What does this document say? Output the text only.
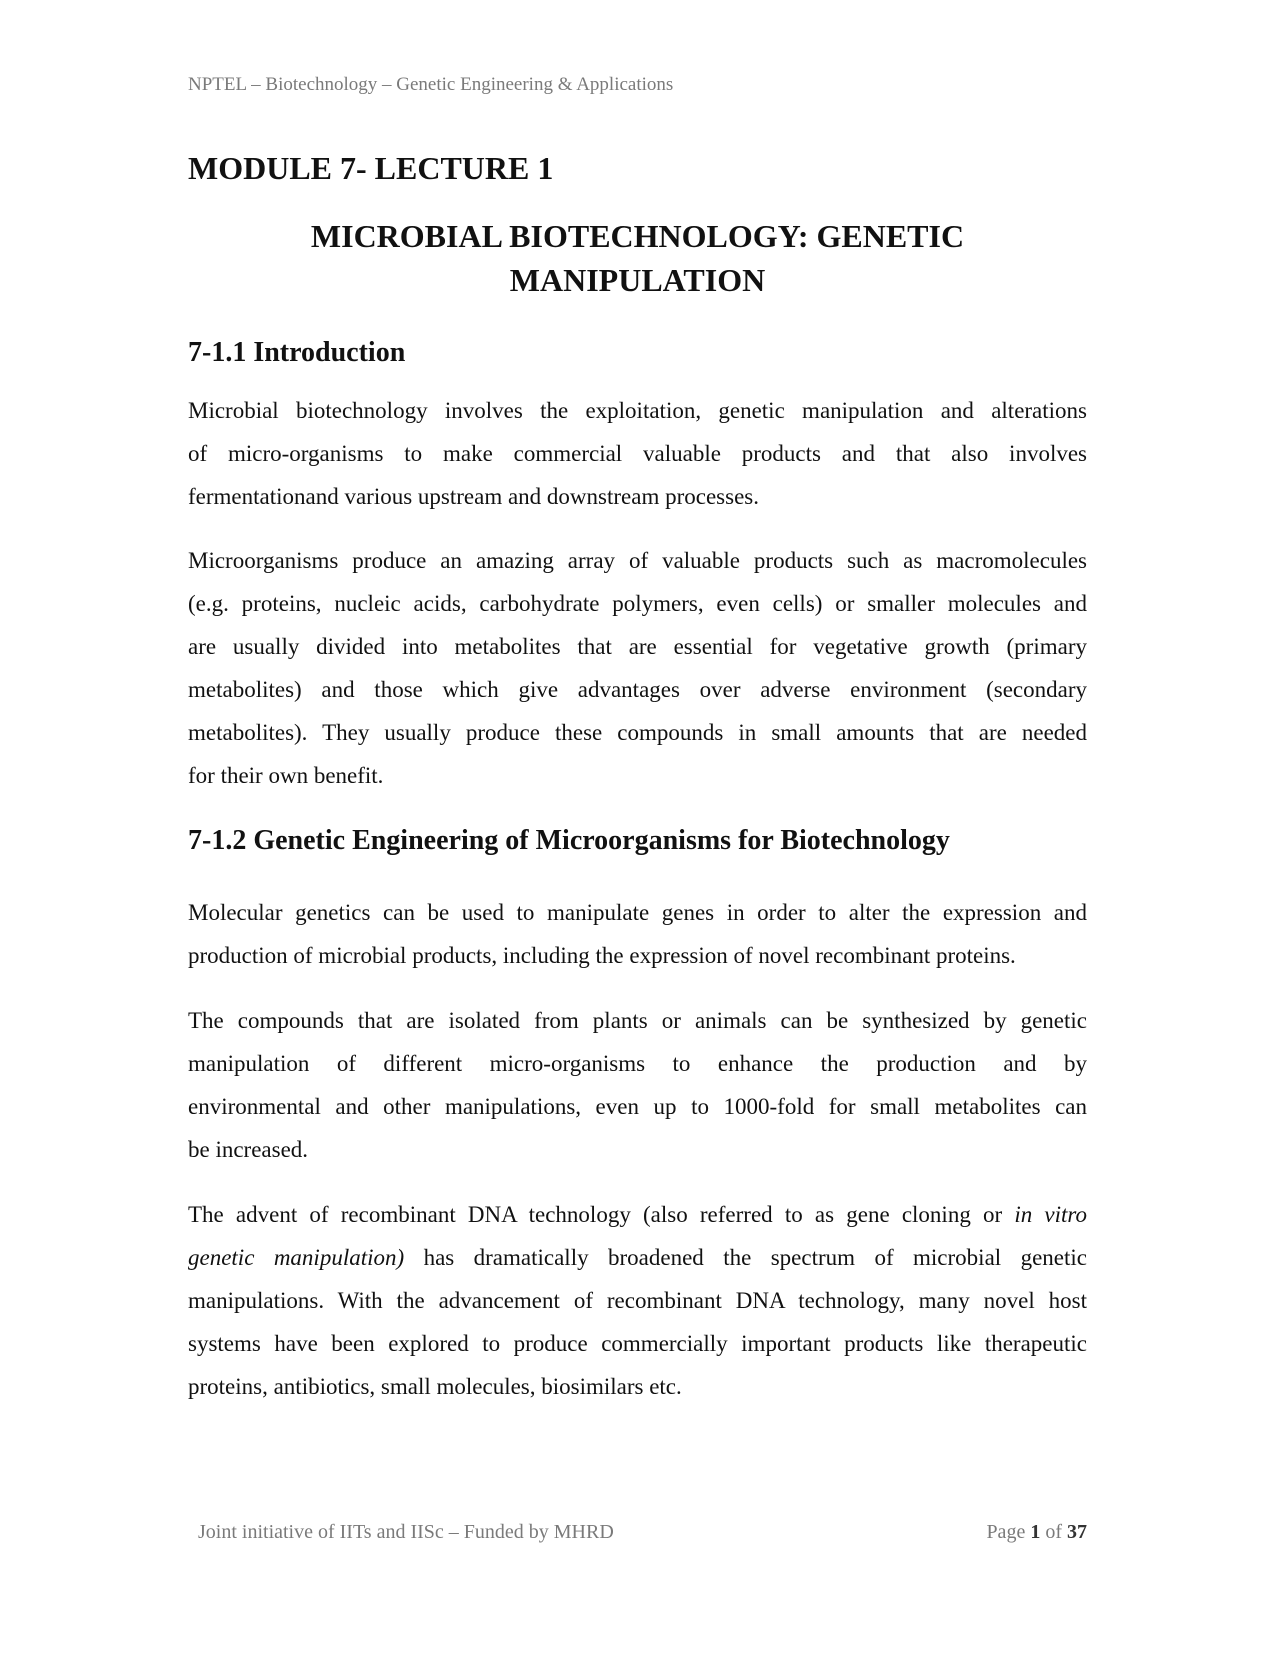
NPTEL – Biotechnology – Genetic Engineering & Applications
MODULE 7- LECTURE 1
MICROBIAL BIOTECHNOLOGY: GENETIC
MANIPULATION
7-1.1 Introduction

Microbial biotechnology involves the exploitation, genetic manipulation and alterations
of micro-organisms to make commercial valuable products and that also involves
fermentationand various upstream and downstream processes.

Microorganisms produce an amazing array of valuable products such as macromolecules
(e.g. proteins, nucleic acids, carbohydrate polymers, even cells) or smaller molecules and
are usually divided into metabolites that are essential for vegetative growth (primary
metabolites) and those which give advantages over adverse environment (secondary
metabolites). They usually produce these compounds in small amounts that are needed
for their own benefit.

7-1.2 Genetic Engineering of Microorganisms for Biotechnology

Molecular genetics can be used to manipulate genes in order to alter the expression and
production of microbial products, including the expression of novel recombinant proteins.

The compounds that are isolated from plants or animals can be synthesized by genetic
manipulation of different micro-organisms to enhance the production and by
environmental and other manipulations, even up to 1000-fold for small metabolites can
be increased.

The advent of recombinant DNA technology (also referred to as gene cloning or in vitro
genetic manipulation) has dramatically broadened the spectrum of microbial genetic
manipulations. With the advancement of recombinant DNA technology, many novel host
systems have been explored to produce commercially important products like therapeutic
proteins, antibiotics, small molecules, biosimilars etc.

Joint initiative of IITs and IISc – Funded by MHRD	Page 1 of 37
